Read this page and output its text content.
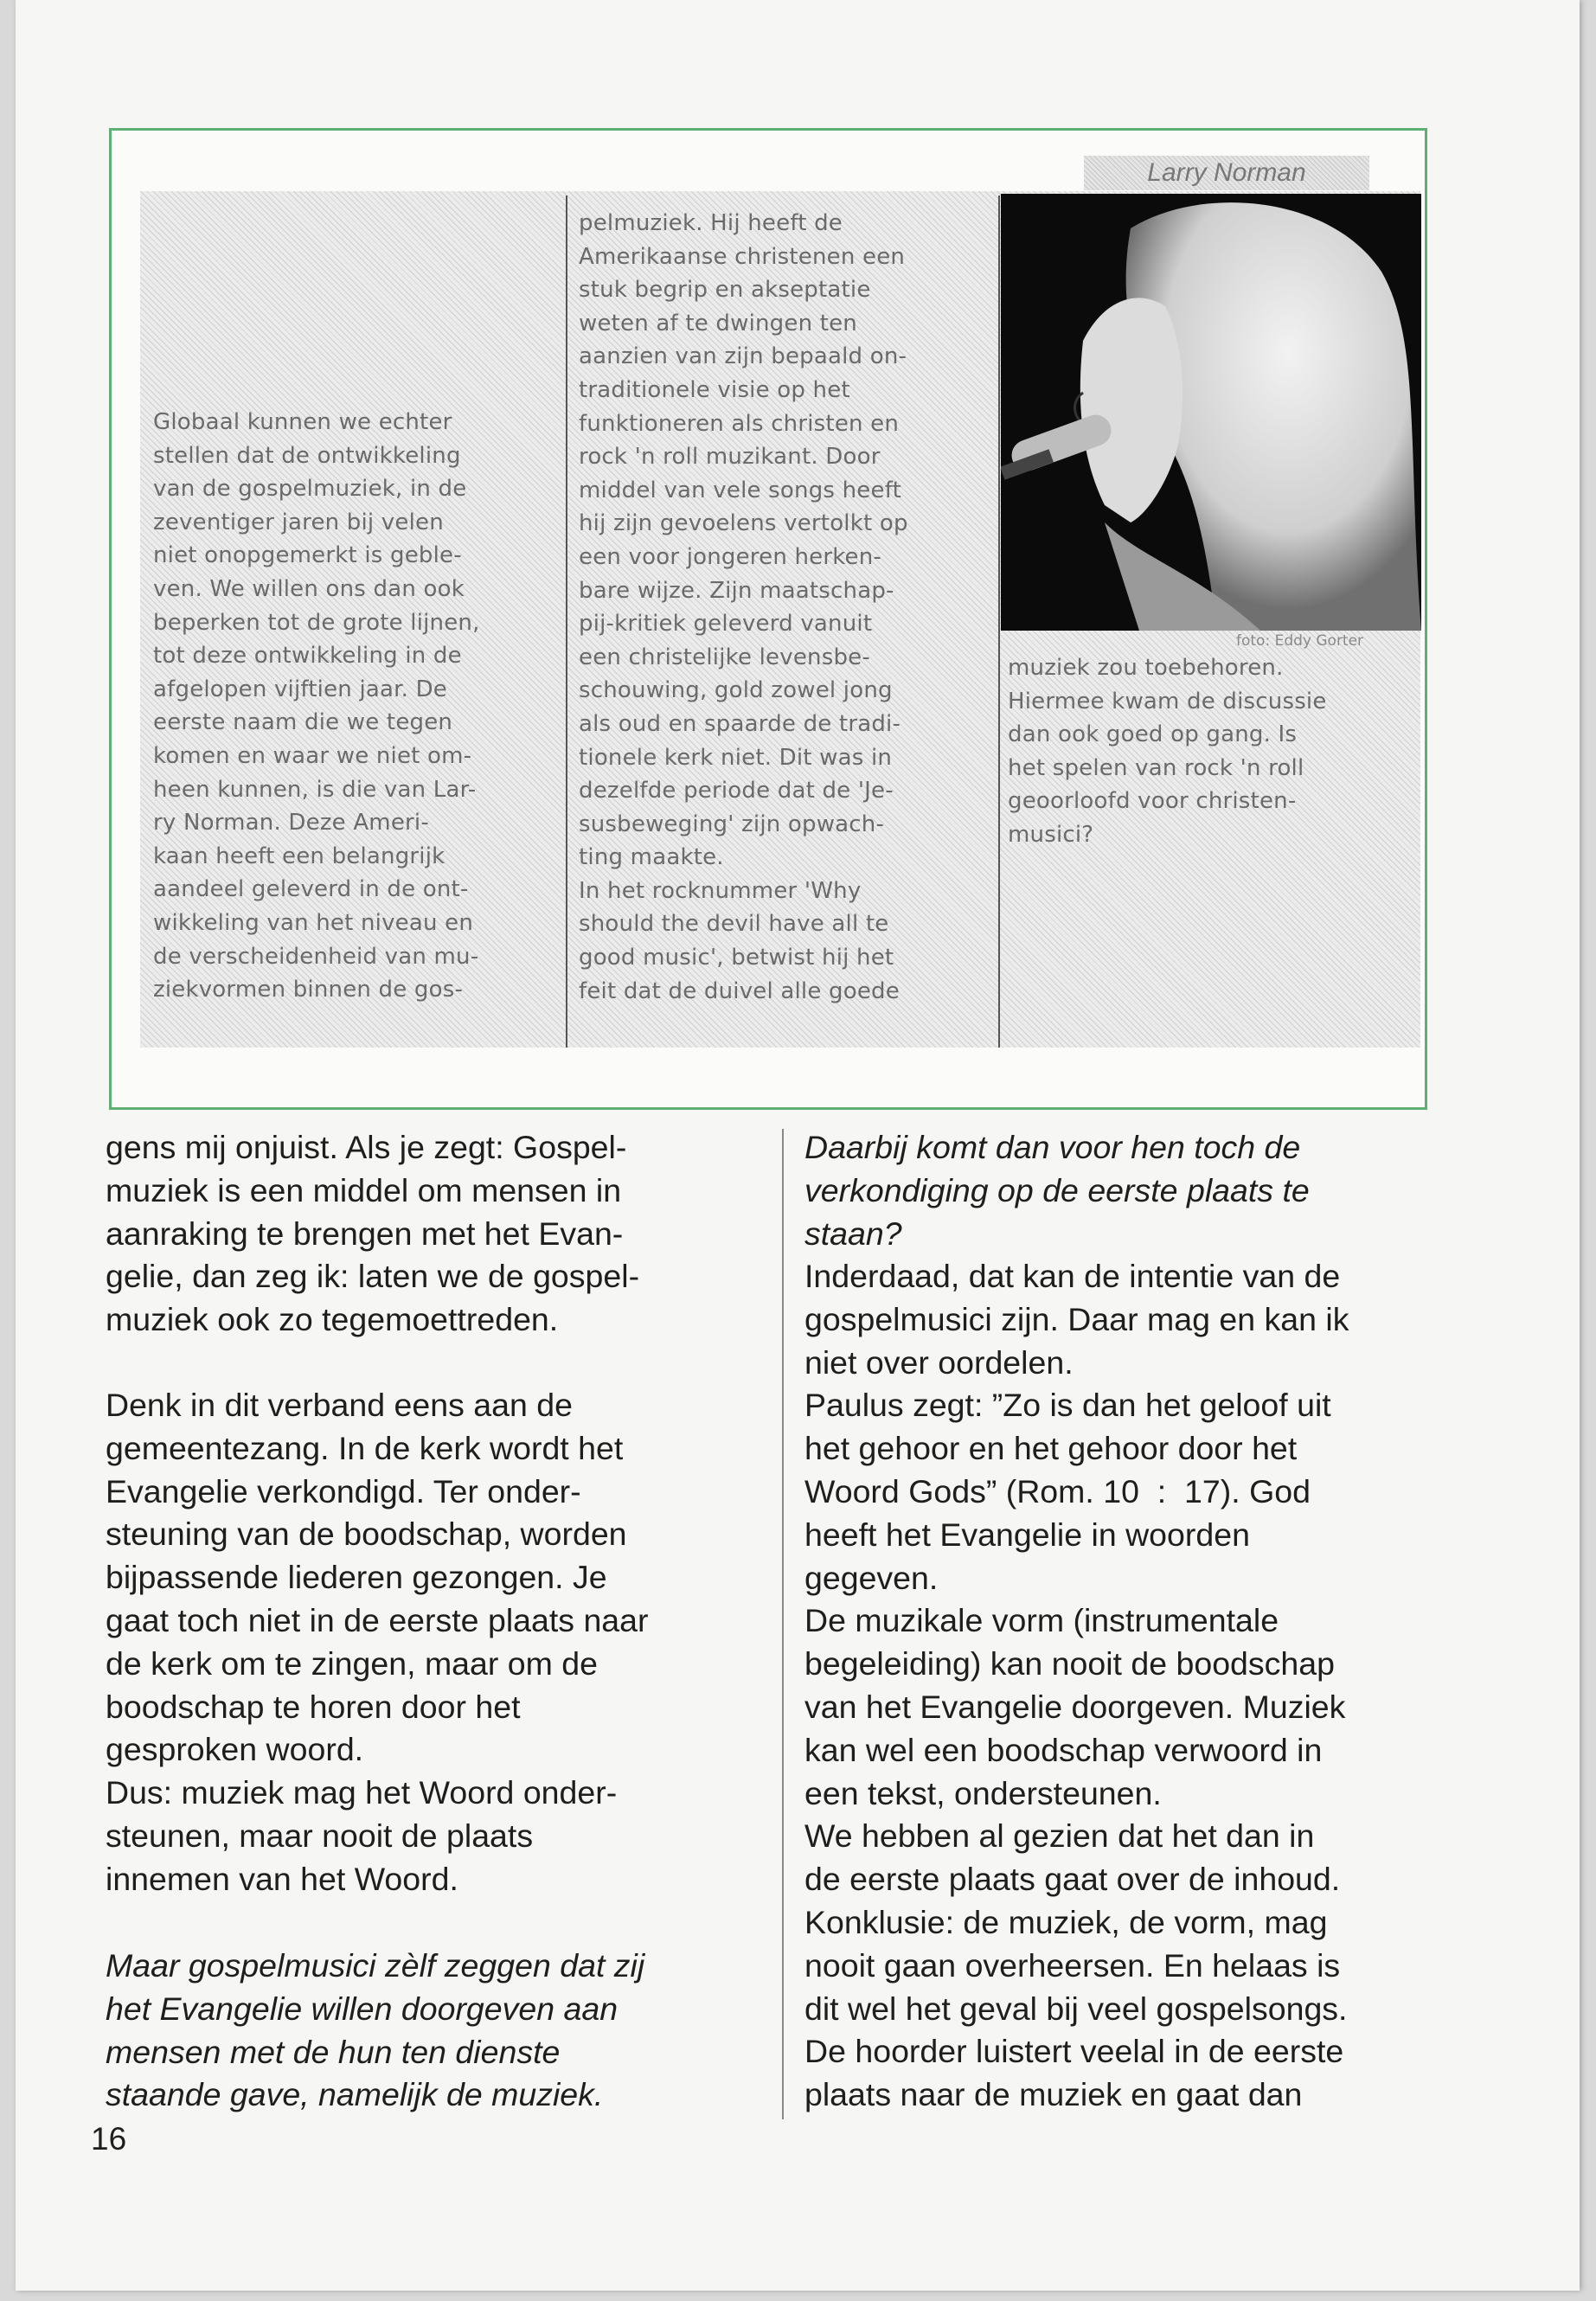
Larry Norman
Globaal kunnen we echter
stellen dat de ontwikkeling
van de gospelmuziek, in de
zeventiger jaren bij velen
niet onopgemerkt is geble-
ven. We willen ons dan ook
beperken tot de grote lijnen,
tot deze ontwikkeling in de
afgelopen vijftien jaar. De
eerste naam die we tegen
komen en waar we niet om-
heen kunnen, is die van Lar-
ry Norman. Deze Ameri-
kaan heeft een belangrijk
aandeel geleverd in de ont-
wikkeling van het niveau en
de verscheidenheid van mu-
ziekvormen binnen de gos-
pelmuziek. Hij heeft de
Amerikaanse christenen een
stuk begrip en akseptatie
weten af te dwingen ten
aanzien van zijn bepaald on-
traditionele visie op het
funktioneren als christen en
rock 'n roll muzikant. Door
middel van vele songs heeft
hij zijn gevoelens vertolkt op
een voor jongeren herken-
bare wijze. Zijn maatschap-
pij-kritiek geleverd vanuit
een christelijke levensbe-
schouwing, gold zowel jong
als oud en spaarde de tradi-
tionele kerk niet. Dit was in
dezelfde periode dat de 'Je-
susbeweging' zijn opwach-
ting maakte.
In het rocknummer 'Why
should the devil have all te
good music', betwist hij het
feit dat de duivel alle goede
foto: Eddy Gorter
muziek zou toebehoren.
Hiermee kwam de discussie
dan ook goed op gang. Is
het spelen van rock 'n roll
geoorloofd voor christen-
musici?
gens mij onjuist. Als je zegt: Gospel-
muziek is een middel om mensen in
aanraking te brengen met het Evan-
gelie, dan zeg ik: laten we de gospel-
muziek ook zo tegemoettreden.
Denk in dit verband eens aan de
gemeentezang. In de kerk wordt het
Evangelie verkondigd. Ter onder-
steuning van de boodschap, worden
bijpassende liederen gezongen. Je
gaat toch niet in de eerste plaats naar
de kerk om te zingen, maar om de
boodschap te horen door het
gesproken woord.
Dus: muziek mag het Woord onder-
steunen, maar nooit de plaats
innemen van het Woord.
Maar gospelmusici zèlf zeggen dat zij
het Evangelie willen doorgeven aan
mensen met de hun ten dienste
staande gave, namelijk de muziek.
Daarbij komt dan voor hen toch de
verkondiging op de eerste plaats te
staan?
Inderdaad, dat kan de intentie van de
gospelmusici zijn. Daar mag en kan ik
niet over oordelen.
Paulus zegt: ”Zo is dan het geloof uit
het gehoor en het gehoor door het
Woord Gods” (Rom. 10  :  17). God
heeft het Evangelie in woorden
gegeven.
De muzikale vorm (instrumentale
begeleiding) kan nooit de boodschap
van het Evangelie doorgeven. Muziek
kan wel een boodschap verwoord in
een tekst, ondersteunen.
We hebben al gezien dat het dan in
de eerste plaats gaat over de inhoud.
Konklusie: de muziek, de vorm, mag
nooit gaan overheersen. En helaas is
dit wel het geval bij veel gospelsongs.
De hoorder luistert veelal in de eerste
plaats naar de muziek en gaat dan
16
